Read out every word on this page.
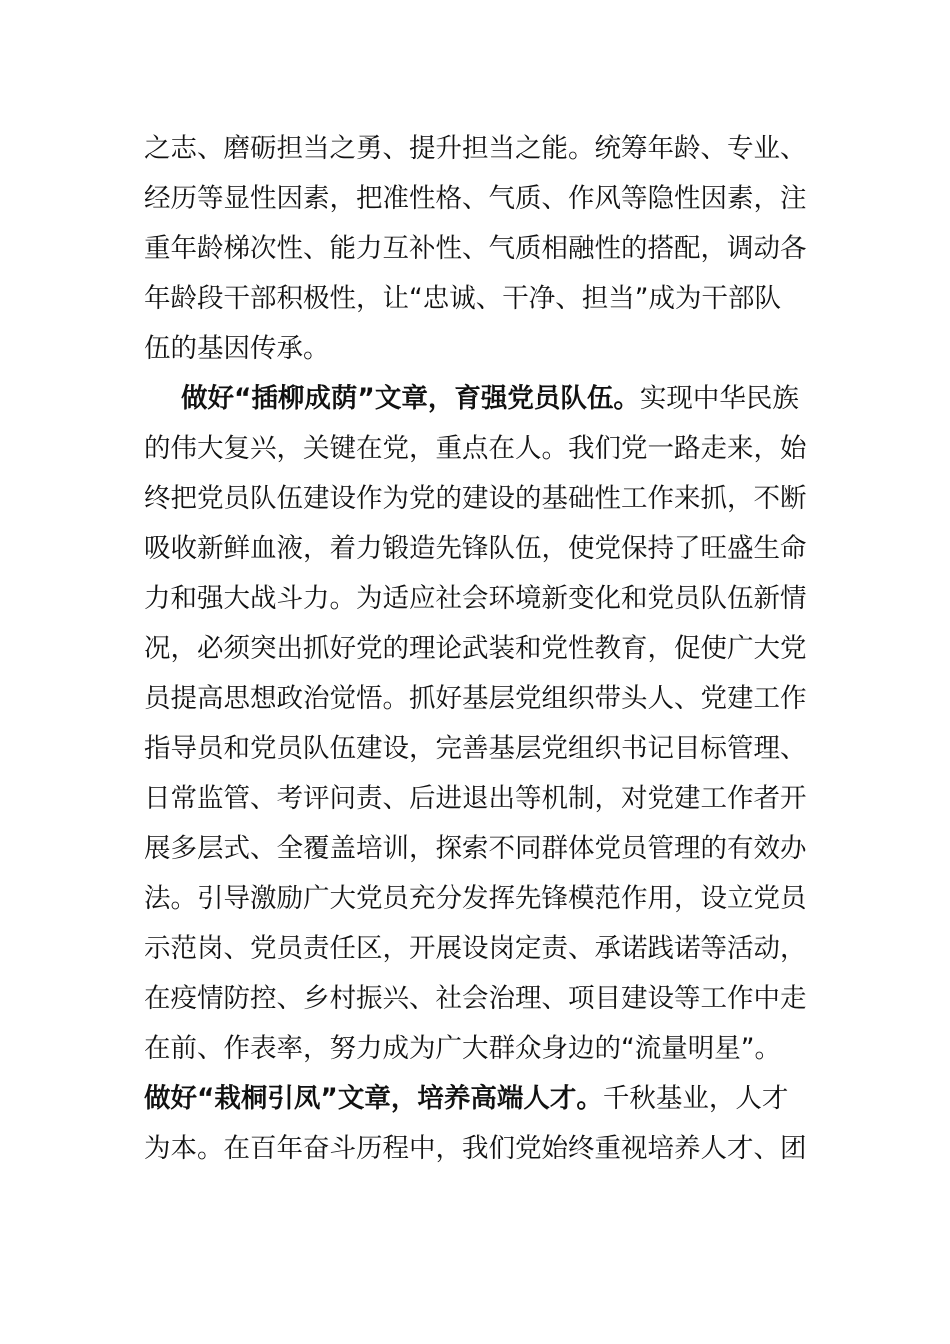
之志、磨砺担当之勇、提升担当之能。统筹年龄、专业、
经历等显性因素，把准性格、气质、作风等隐性因素，注
重年龄梯次性、能力互补性、气质相融性的搭配，调动各
年龄段干部积极性，让“忠诚、干净、担当”成为干部队
伍的基因传承。
做好“插柳成荫”文章，育强党员队伍。实现中华民族
的伟大复兴，关键在党，重点在人。我们党一路走来，始
终把党员队伍建设作为党的建设的基础性工作来抓，不断
吸收新鲜血液，着力锻造先锋队伍，使党保持了旺盛生命
力和强大战斗力。为适应社会环境新变化和党员队伍新情
况，必须突出抓好党的理论武装和党性教育，促使广大党
员提高思想政治觉悟。抓好基层党组织带头人、党建工作
指导员和党员队伍建设，完善基层党组织书记目标管理、
日常监管、考评问责、后进退出等机制，对党建工作者开
展多层式、全覆盖培训，探索不同群体党员管理的有效办
法。引导激励广大党员充分发挥先锋模范作用，设立党员
示范岗、党员责任区，开展设岗定责、承诺践诺等活动，
在疫情防控、乡村振兴、社会治理、项目建设等工作中走
在前、作表率，努力成为广大群众身边的“流量明星”。
做好“栽桐引凤”文章，培养高端人才。千秋基业，人才
为本。在百年奋斗历程中，我们党始终重视培养人才、团
